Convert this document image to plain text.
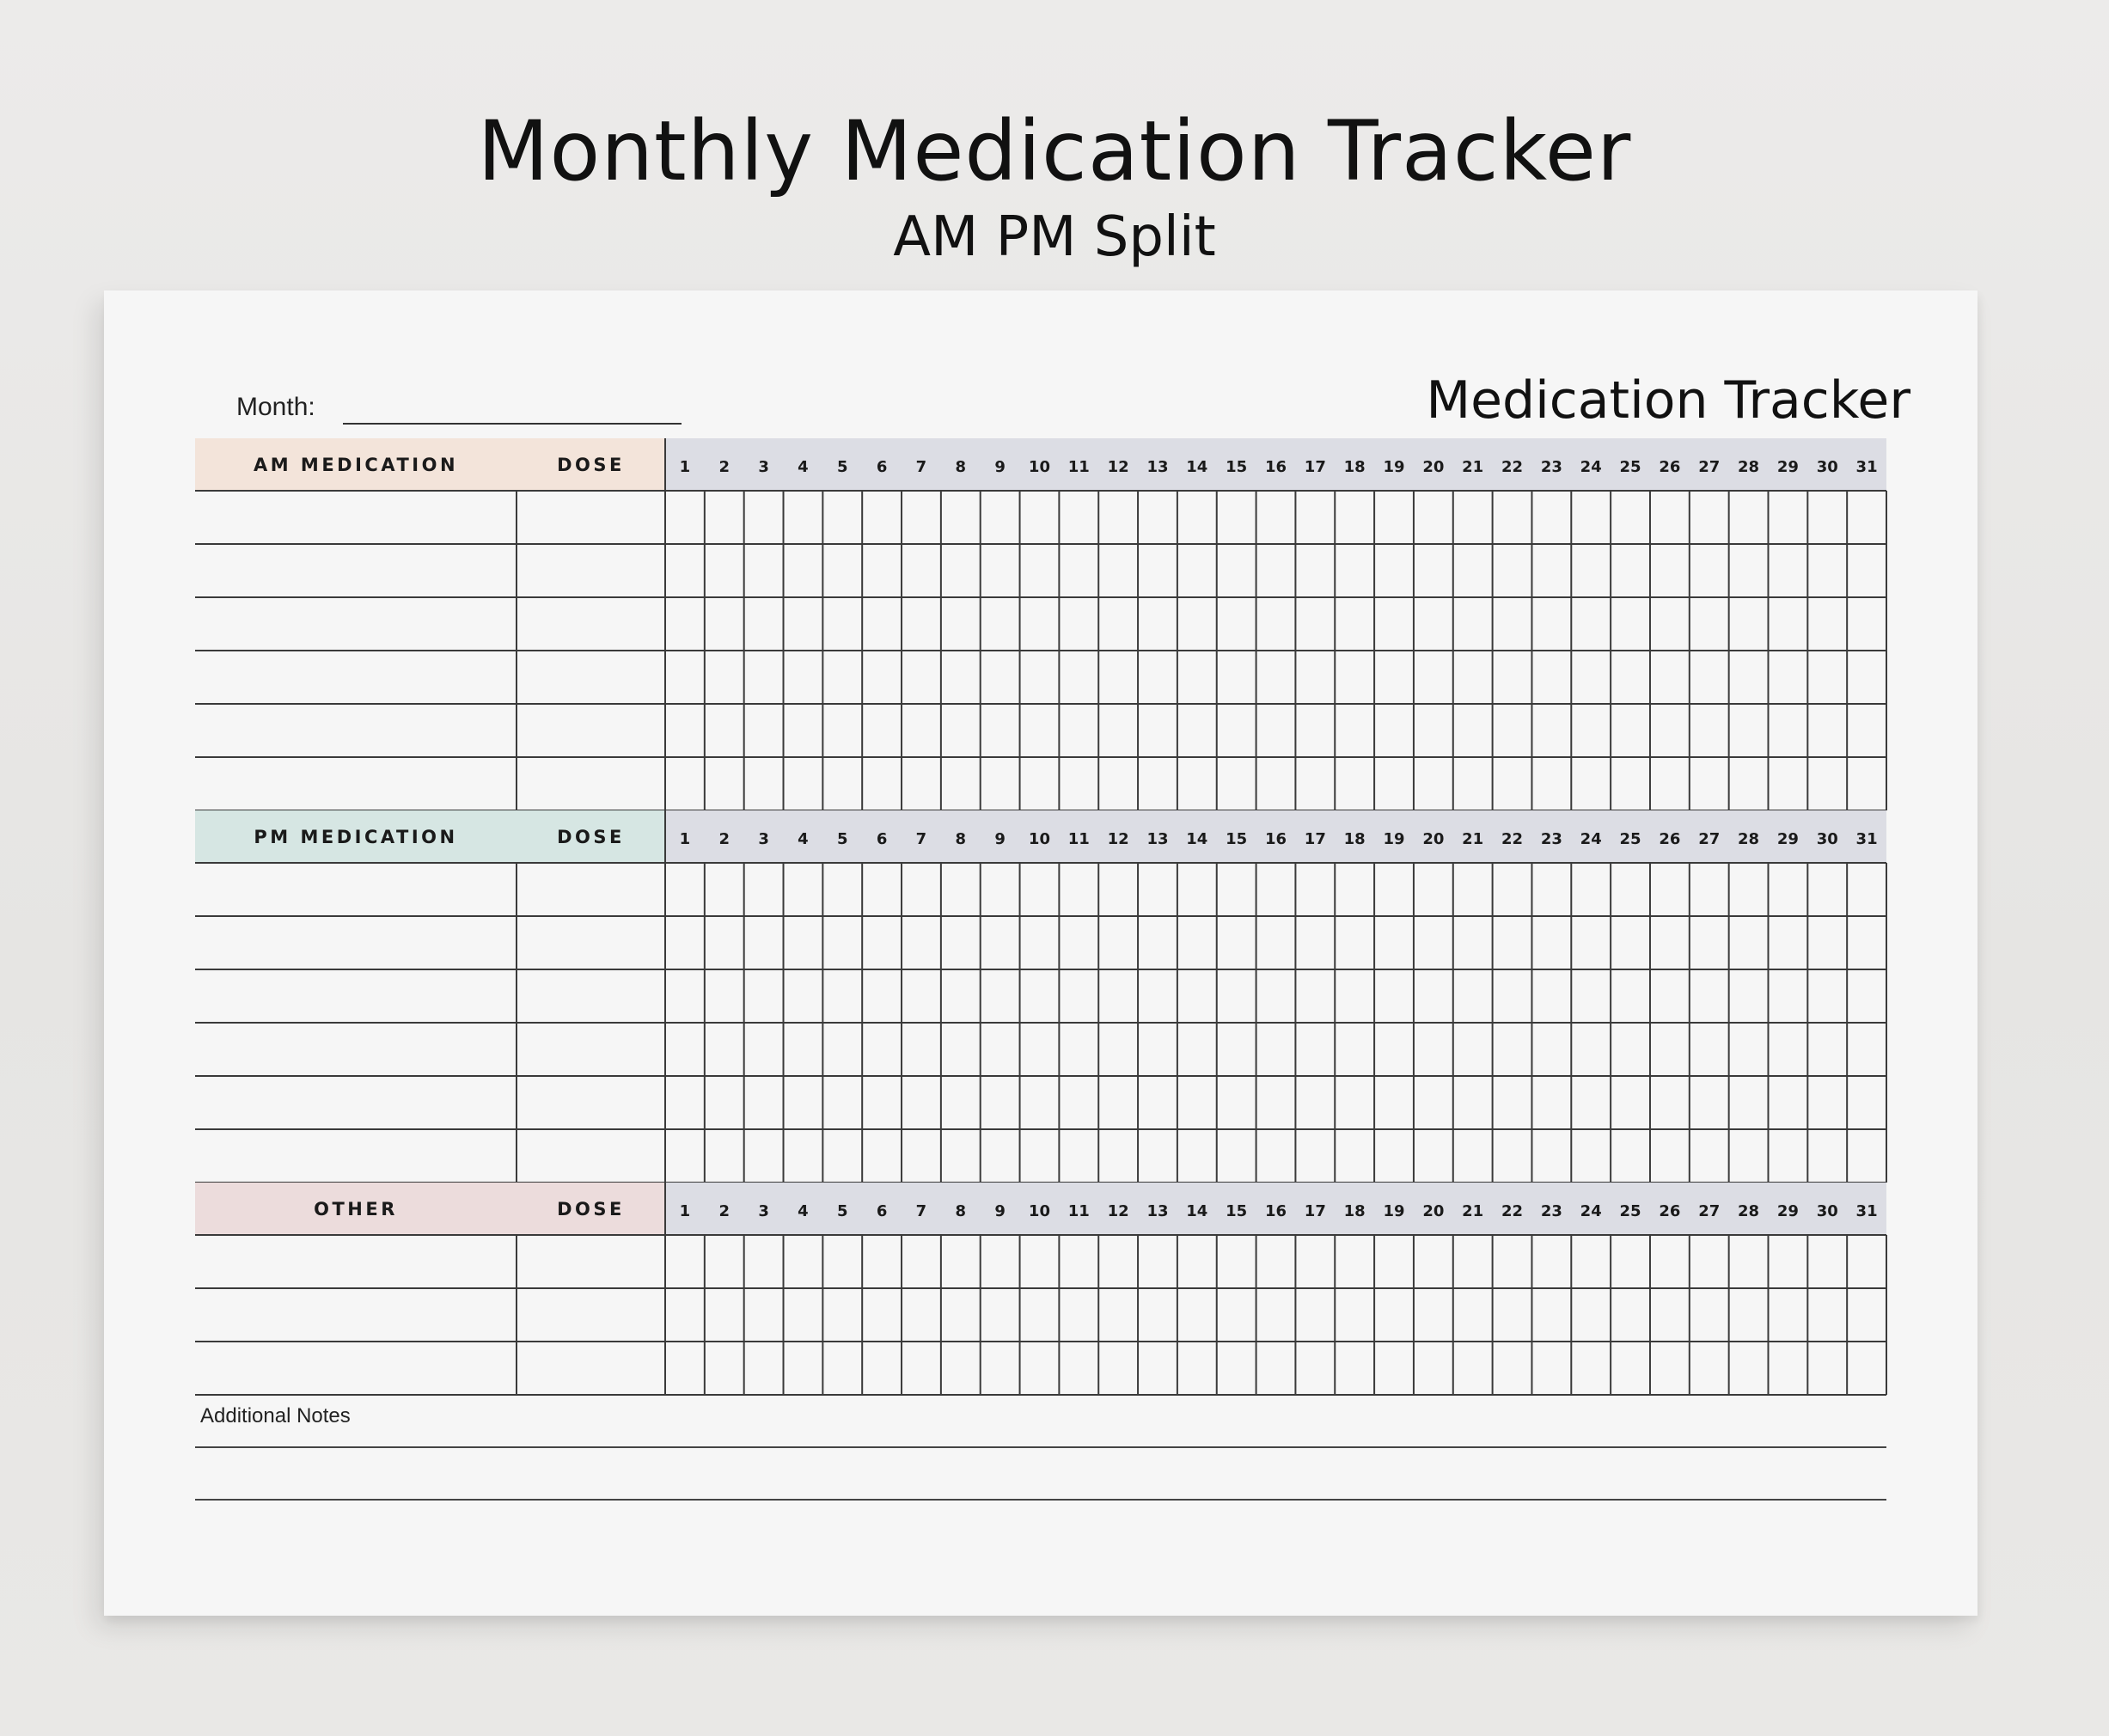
Monthly Medication Tracker
AM PM Split
Month:	Medication Tracker
AM MEDICATION	DOSE	1 2 3 4 5 6 7 8 9 10 11 12 13 14 15 16 17 18 19 20 21 22 23 24 25 26 27 28 29 30 31
PM MEDICATION	DOSE	1 2 3 4 5 6 7 8 9 10 11 12 13 14 15 16 17 18 19 20 21 22 23 24 25 26 27 28 29 30 31
OTHER	DOSE	1 2 3 4 5 6 7 8 9 10 11 12 13 14 15 16 17 18 19 20 21 22 23 24 25 26 27 28 29 30 31
Additional Notes
